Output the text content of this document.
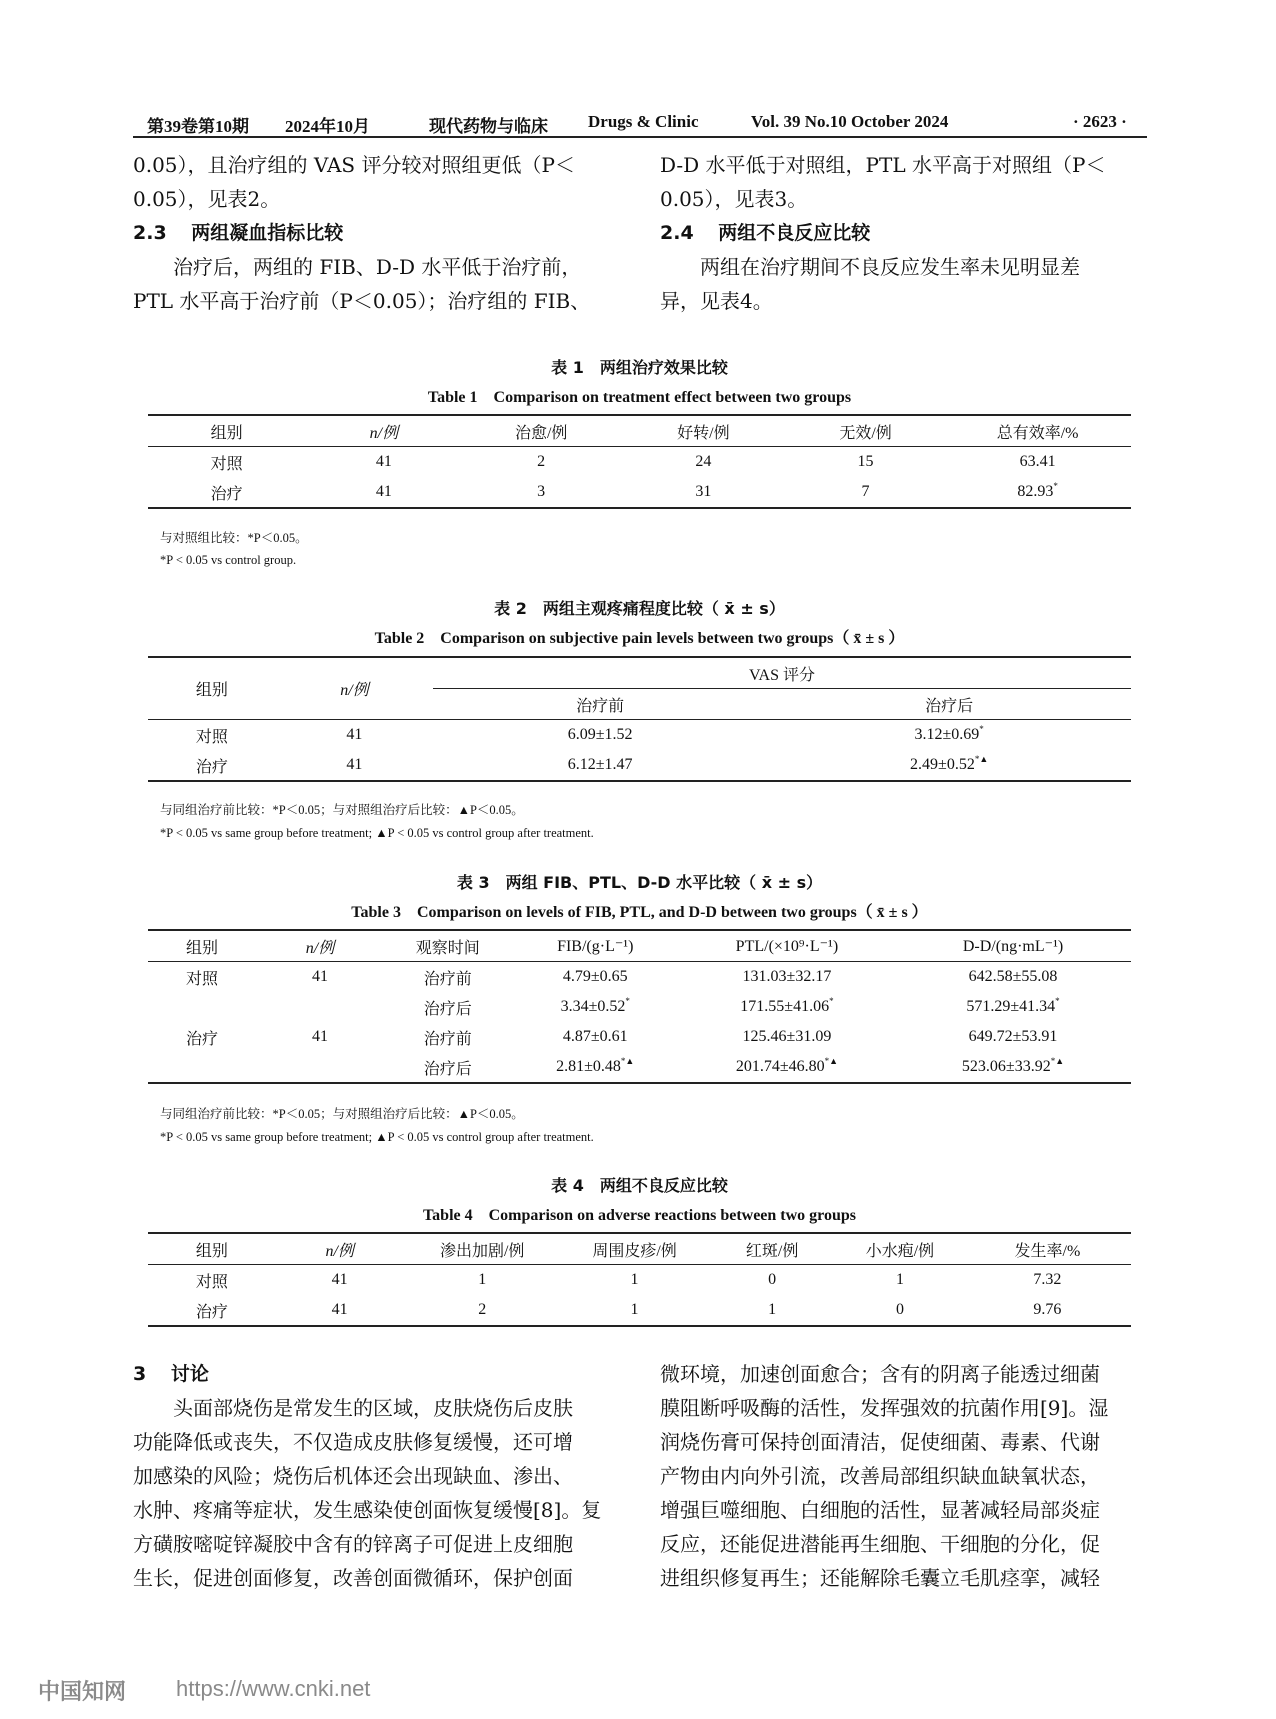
第39卷第10期 2024年10月	现代药物与临床 Drugs & Clinic	Vol. 39 No.10 October 2024	· 2623 ·

0.05），且治疗组的 VAS 评分较对照组更低（P＜

0.05），见表2。

2.3 两组凝血指标比较

治疗后，两组的 FIB、D-D 水平低于治疗前，

PTL 水平高于治疗前（P＜0.05）；治疗组的 FIB、

D-D 水平低于对照组，PTL 水平高于对照组（P＜

0.05），见表3。

2.4 两组不良反应比较

两组在治疗期间不良反应发生率未见明显差

异，见表4。

表 1　两组治疗效果比较
Table 1　Comparison on treatment effect between two groups
组别	n/例	治愈/例	好转/例	无效/例	总有效率/%
对照	41	2	24	15	63.41
治疗	41	3	31	7	82.93*
与对照组比较：*P＜0.05。
*P < 0.05 vs control group.
表 2　两组主观疼痛程度比较（ x̄ ± s）
Table 2　Comparison on subjective pain levels between two groups（ x̄ ± s ）
组别	n/例	VAS 评分	
		治疗前	治疗后
对照	41	6.09±1.52	3.12±0.69*
治疗	41	6.12±1.47	2.49±0.52*▲
与同组治疗前比较：*P＜0.05；与对照组治疗后比较：▲P＜0.05。
*P < 0.05 vs same group before treatment; ▲P < 0.05 vs control group after treatment.
表 3　两组 FIB、PTL、D-D 水平比较（ x̄ ± s）
Table 3　Comparison on levels of FIB, PTL, and D-D between two groups（ x̄ ± s ）
组别	n/例	观察时间	FIB/(g·L⁻¹)	PTL/(×10⁹·L⁻¹)	D-D/(ng·mL⁻¹)
对照	41	治疗前	4.79±0.65	131.03±32.17	642.58±55.08
		治疗后	3.34±0.52*	171.55±41.06*	571.29±41.34*
治疗	41	治疗前	4.87±0.61	125.46±31.09	649.72±53.91
		治疗后	2.81±0.48*▲	201.74±46.80*▲	523.06±33.92*▲
与同组治疗前比较：*P＜0.05；与对照组治疗后比较：▲P＜0.05。
*P < 0.05 vs same group before treatment; ▲P < 0.05 vs control group after treatment.
表 4　两组不良反应比较
Table 4　Comparison on adverse reactions between two groups
组别	n/例	渗出加剧/例	周围皮疹/例	红斑/例	小水疱/例	发生率/%
对照	41	1	1	0	1	7.32
治疗	41	2	1	1	0	9.76

3 讨论

头面部烧伤是常发生的区域，皮肤烧伤后皮肤

功能降低或丧失，不仅造成皮肤修复缓慢，还可增

加感染的风险；烧伤后机体还会出现缺血、渗出、

水肿、疼痛等症状，发生感染使创面恢复缓慢[8]。复

方磺胺嘧啶锌凝胶中含有的锌离子可促进上皮细胞

生长，促进创面修复，改善创面微循环，保护创面

微环境，加速创面愈合；含有的阴离子能透过细菌

膜阻断呼吸酶的活性，发挥强效的抗菌作用[9]。湿

润烧伤膏可保持创面清洁，促使细菌、毒素、代谢

产物由内向外引流，改善局部组织缺血缺氧状态，

增强巨噬细胞、白细胞的活性，显著减轻局部炎症

反应，还能促进潜能再生细胞、干细胞的分化，促

进组织修复再生；还能解除毛囊立毛肌痉挛，减轻

中国知网 https://www.cnki.net
